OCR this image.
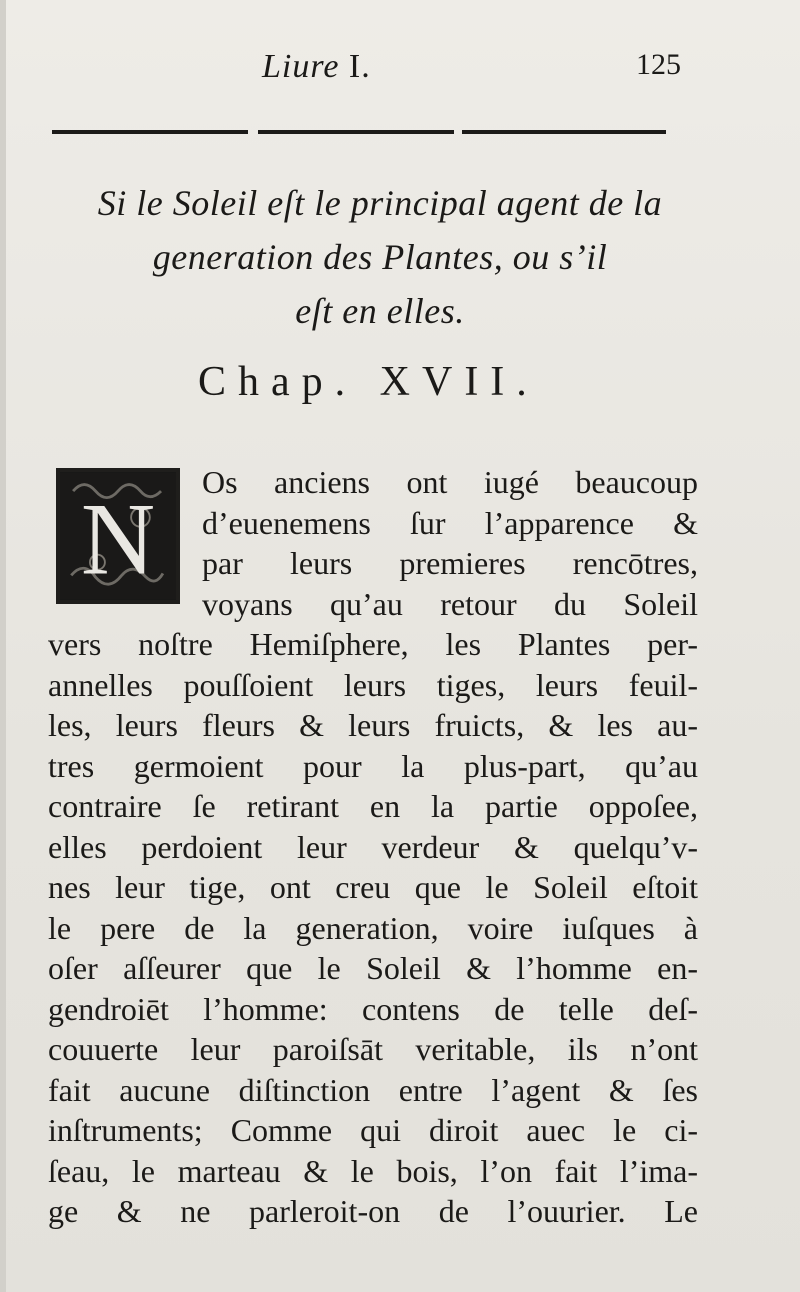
Liure I.	125
Si le Soleil eſt le principal agent de la
generation des Plantes, ou s’il
eſt en elles.
Chap. XVII.
N
Os anciens ont iugé beaucoup
d’euenemens ſur l’apparence &
par leurs premieres rencōtres,
voyans qu’au retour du Soleil
vers noſtre Hemiſphere, les Plantes per-
annelles pouſſoient leurs tiges, leurs feuil-
les, leurs fleurs & leurs fruicts, & les au-
tres germoient pour la plus-part, qu’au
contraire ſe retirant en la partie oppoſee,
elles perdoient leur verdeur & quelqu’v-
nes leur tige, ont creu que le Soleil eſtoit
le pere de la generation, voire iuſques à
oſer aſſeurer que le Soleil & l’homme en-
gendroiēt l’homme: contens de telle deſ-
couuerte leur paroiſsāt veritable, ils n’ont
fait aucune diſtinction entre l’agent & ſes
inſtruments; Comme qui diroit auec le ci-
ſeau, le marteau & le bois, l’on fait l’ima-
ge & ne parleroit-on de l’ouurier. Le
